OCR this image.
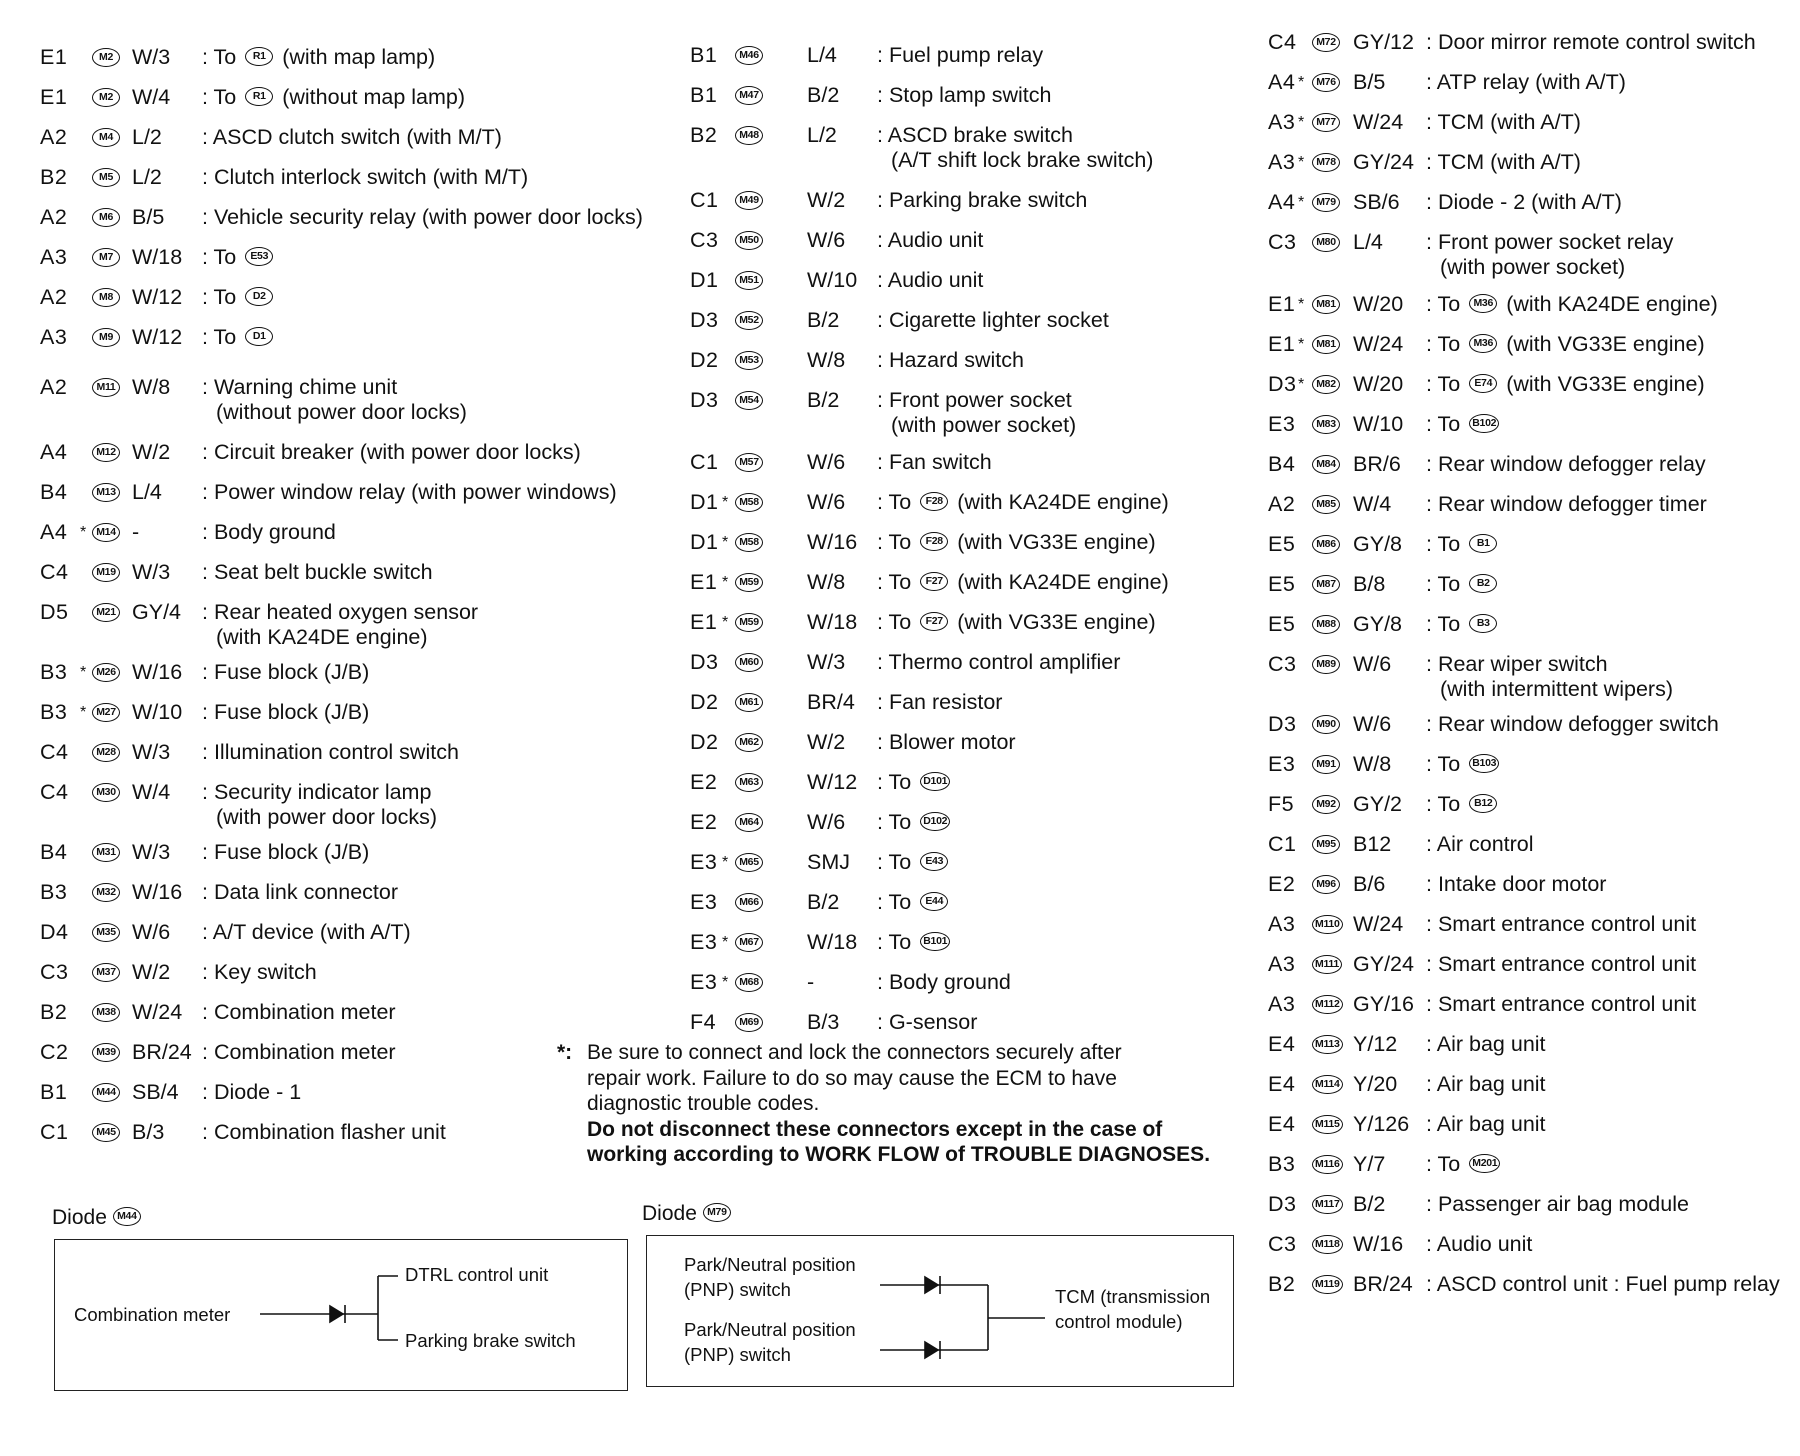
E1	M2 W/3 : To R1 (with map lamp)
E1	M2 W/4 : To R1 (without map lamp)
A2	M4 L/2 : ASCD clutch switch (with M/T)
B2	M5 L/2 : Clutch interlock switch (with M/T)
A2	M6 B/5 : Vehicle security relay (with power door locks)
A3	M7 W/18 : To E53
A2	M8 W/12 : To D2
A3	M9 W/12 : To D1
A2	M11 W/8 : Warning chime unit
(without power door locks)
A4	M12 W/2 : Circuit breaker (with power door locks)
B4	M13 L/4 : Power window relay (with power windows)
A4 * M14 -	: Body ground
C4	M19 W/3 : Seat belt buckle switch
D5	M21 GY/4 : Rear heated oxygen sensor
(with KA24DE engine)
B3 * M26 W/16 : Fuse block (J/B)
B3 * M27 W/10 : Fuse block (J/B)
C4	M28 W/3 : Illumination control switch
C4	M30 W/4 : Security indicator lamp
(with power door locks)
B4	M31 W/3 : Fuse block (J/B)
B3	M32 W/16 : Data link connector
D4	M35 W/6 : A/T device (with A/T)
C3	M37 W/2 : Key switch
B2	M38 W/24 : Combination meter
C2	M39 BR/24 : Combination meter
B1	M44 SB/4 : Diode - 1
C1	M45 B/3 : Combination flasher unit
B1	M46 L/4 : Fuel pump relay
B1	M47 B/2 : Stop lamp switch
B2	M48 L/2 : ASCD brake switch
(A/T shift lock brake switch)
C1	M49 W/2 : Parking brake switch
C3	M50 W/6 : Audio unit
D1	M51 W/10 : Audio unit
D3	M52 B/2 : Cigarette lighter socket
D2	M53 W/8 : Hazard switch
D3	M54 B/2 : Front power socket
(with power socket)
C1	M57 W/6 : Fan switch
D1 *	M58 W/6 : To F28 (with KA24DE engine)
D1 *	M58 W/16 : To F28 (with VG33E engine)
E1 *	M59 W/8 : To F27 (with KA24DE engine)
E1 *	M59 W/18 : To F27 (with VG33E engine)
D3	M60 W/3 : Thermo control amplifier
D2	M61 BR/4 : Fan resistor
D2	M62 W/2 : Blower motor
E2	M63 W/12 : To D101
E2	M64 W/6 : To D102
E3 *	M65 SMJ : To E43
E3	M66 B/2 : To E44
E3 *	M67 W/18 : To B101
E3 *	M68 -	: Body ground
F4	M69 B/3 : G-sensor
C4	M72 GY/12 : Door mirror remote control switch
A4 *	M76 B/5 : ATP relay (with A/T)
A3 *	M77 W/24 : TCM (with A/T)
A3 *	M78 GY/24 : TCM (with A/T)
A4 *	M79 SB/6 : Diode - 2 (with A/T)
C3	M80 L/4 : Front power socket relay
(with power socket)
E1 *	M81 W/20 : To M36 (with KA24DE engine)
E1 *	M81 W/24 : To M36 (with VG33E engine)
D3 *	M82 W/20 : To E74 (with VG33E engine)
E3	M83 W/10 : To B102
B4	M84 BR/6 : Rear window defogger relay
A2	M85 W/4 : Rear window defogger timer
E5	M86 GY/8 : To B1
E5	M87 B/8 : To B2
E5	M88 GY/8 : To B3
C3	M89 W/6 : Rear wiper switch
(with intermittent wipers)
D3	M90 W/6 : Rear window defogger switch
E3	M91 W/8 : To B103
F5	M92 GY/2 : To B12
C1	M95 B12 : Air control
E2	M96 B/6 : Intake door motor
A3 M110 W/24 : Smart entrance control unit
A3 M111 GY/24 : Smart entrance control unit
A3 M112 GY/16 : Smart entrance control unit
E4 M113 Y/12 : Air bag unit
E4 M114 Y/20 : Air bag unit
E4 M115 Y/126 : Air bag unit
B3 M116 Y/7 : To M201
D3 M117 B/2 : Passenger air bag module
C3 M118 W/16 : Audio unit
B2 M119 BR/24 : ASCD control unit : Fuel pump relay
*: Be sure to connect and lock the connectors securely after
repair work. Failure to do so may cause the ECM to have
diagnostic trouble codes.
Do not disconnect these connectors except in the case of
working according to WORK FLOW of TROUBLE DIAGNOSES.
Diode M44
Combination meter
DTRL control unit
Parking brake switch
Diode M79
Park/Neutral position
(PNP) switch
Park/Neutral position
(PNP) switch
TCM (transmission
control module)
